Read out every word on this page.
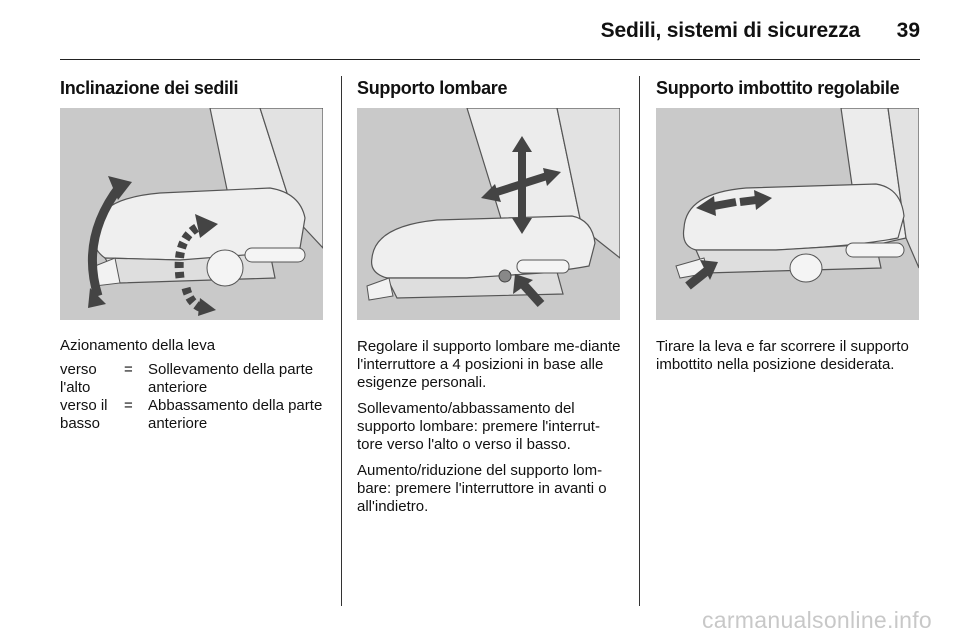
Sedili, sistemi di sicurezza 39
Inclinazione dei sedili
Azionamento della leva
verso l'alto
=	Sollevamento della parte anteriore
verso il basso
=	Abbassamento della parte anteriore
Supporto lombare

Regolare il supporto lombare me-diante l'interruttore a 4 posizioni in base alle esigenze personali.

Sollevamento/abbassamento del supporto lombare: premere l'interrut-tore verso l'alto o verso il basso.

Aumento/riduzione del supporto lom-bare: premere l'interruttore in avanti o all'indietro.

Supporto imbottito regolabile

Tirare la leva e far scorrere il supporto imbottito nella posizione desiderata.

carmanualsonline.info
